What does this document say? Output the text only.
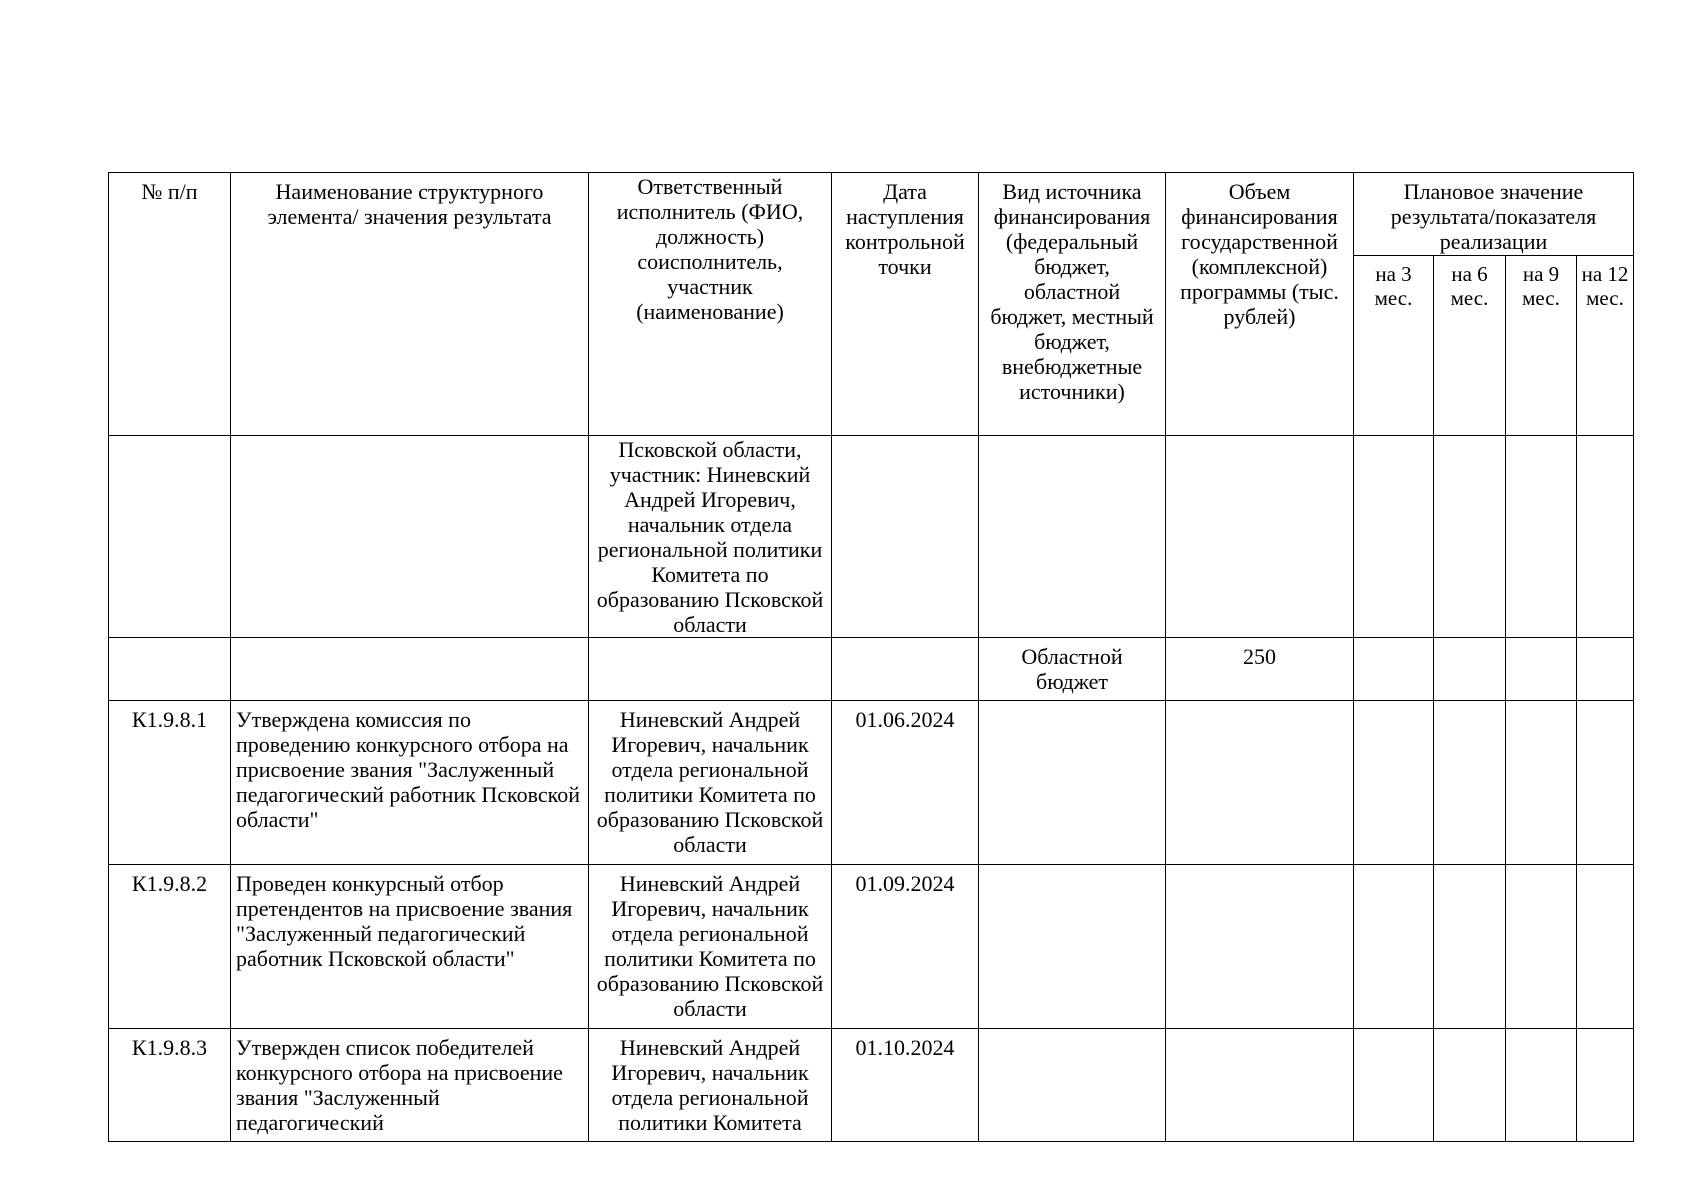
№ п/п	Наименование структурного элемента/ значения результата	Ответственный исполнитель (ФИО, должность) соисполнитель, участник (наименование)	Дата наступления контрольной точки	Вид источника финансирования (федеральный бюджет, областной бюджет, местный бюджет, внебюджетные источники)	Объем финансирования государственной (комплексной) программы (тыс. рублей)	Плановое значение результата/показателя реализации			
						на 3 мес.	на 6 мес.	на 9 мес.	на 12 мес.
		Псковской области, участник: Нинeвский Андрей Игоревич, начальник отдела региональной политики Комитета по образованию Псковской области							
				Областной бюджет	250				
К1.9.8.1	Утверждена комиссия по проведению конкурсного отбора на присвоение звания "Заслуженный педагогический работник Псковской области"	Ниневский Андрей Игоревич, начальник отдела региональной политики Комитета по образованию Псковской области	01.06.2024						
К1.9.8.2	Проведен конкурсный отбор претендентов на присвоение звания "Заслуженный педагогический работник Псковской области"	Ниневский Андрей Игоревич, начальник отдела региональной политики Комитета по образованию Псковской области	01.09.2024						
К1.9.8.3	Утвержден список победителей конкурсного отбора на присвоение звания "Заслуженный педагогический	Ниневский Андрей Игоревич, начальник отдела региональной политики Комитета	01.10.2024						
